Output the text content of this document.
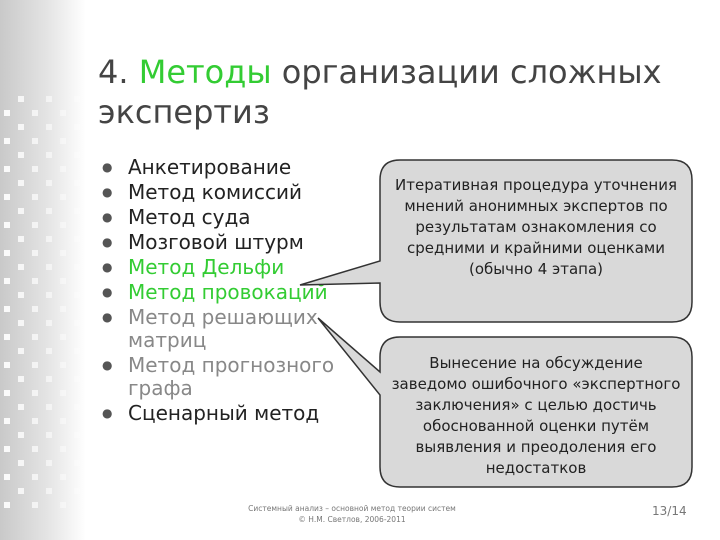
4. Методы организации сложных экспертиз
● Анкетирование
● Метод комиссий
● Метод суда
● Мозговой штурм
● Метод Дельфи
● Метод провокаций
● Метод решающих матриц
● Метод прогнозного графа
● Сценарный метод
Итеративная процедура уточнения мнений анонимных экспертов по результатам ознакомления со средними и крайними оценками (обычно 4 этапа)
Вынесение на обсуждение заведомо ошибочного «экспертного заключения» с целью достичь обоснованной оценки путём выявления и преодоления его недостатков
Системный анализ – основной метод теории систем
© Н.М. Светлов, 2006-2011
13/14
